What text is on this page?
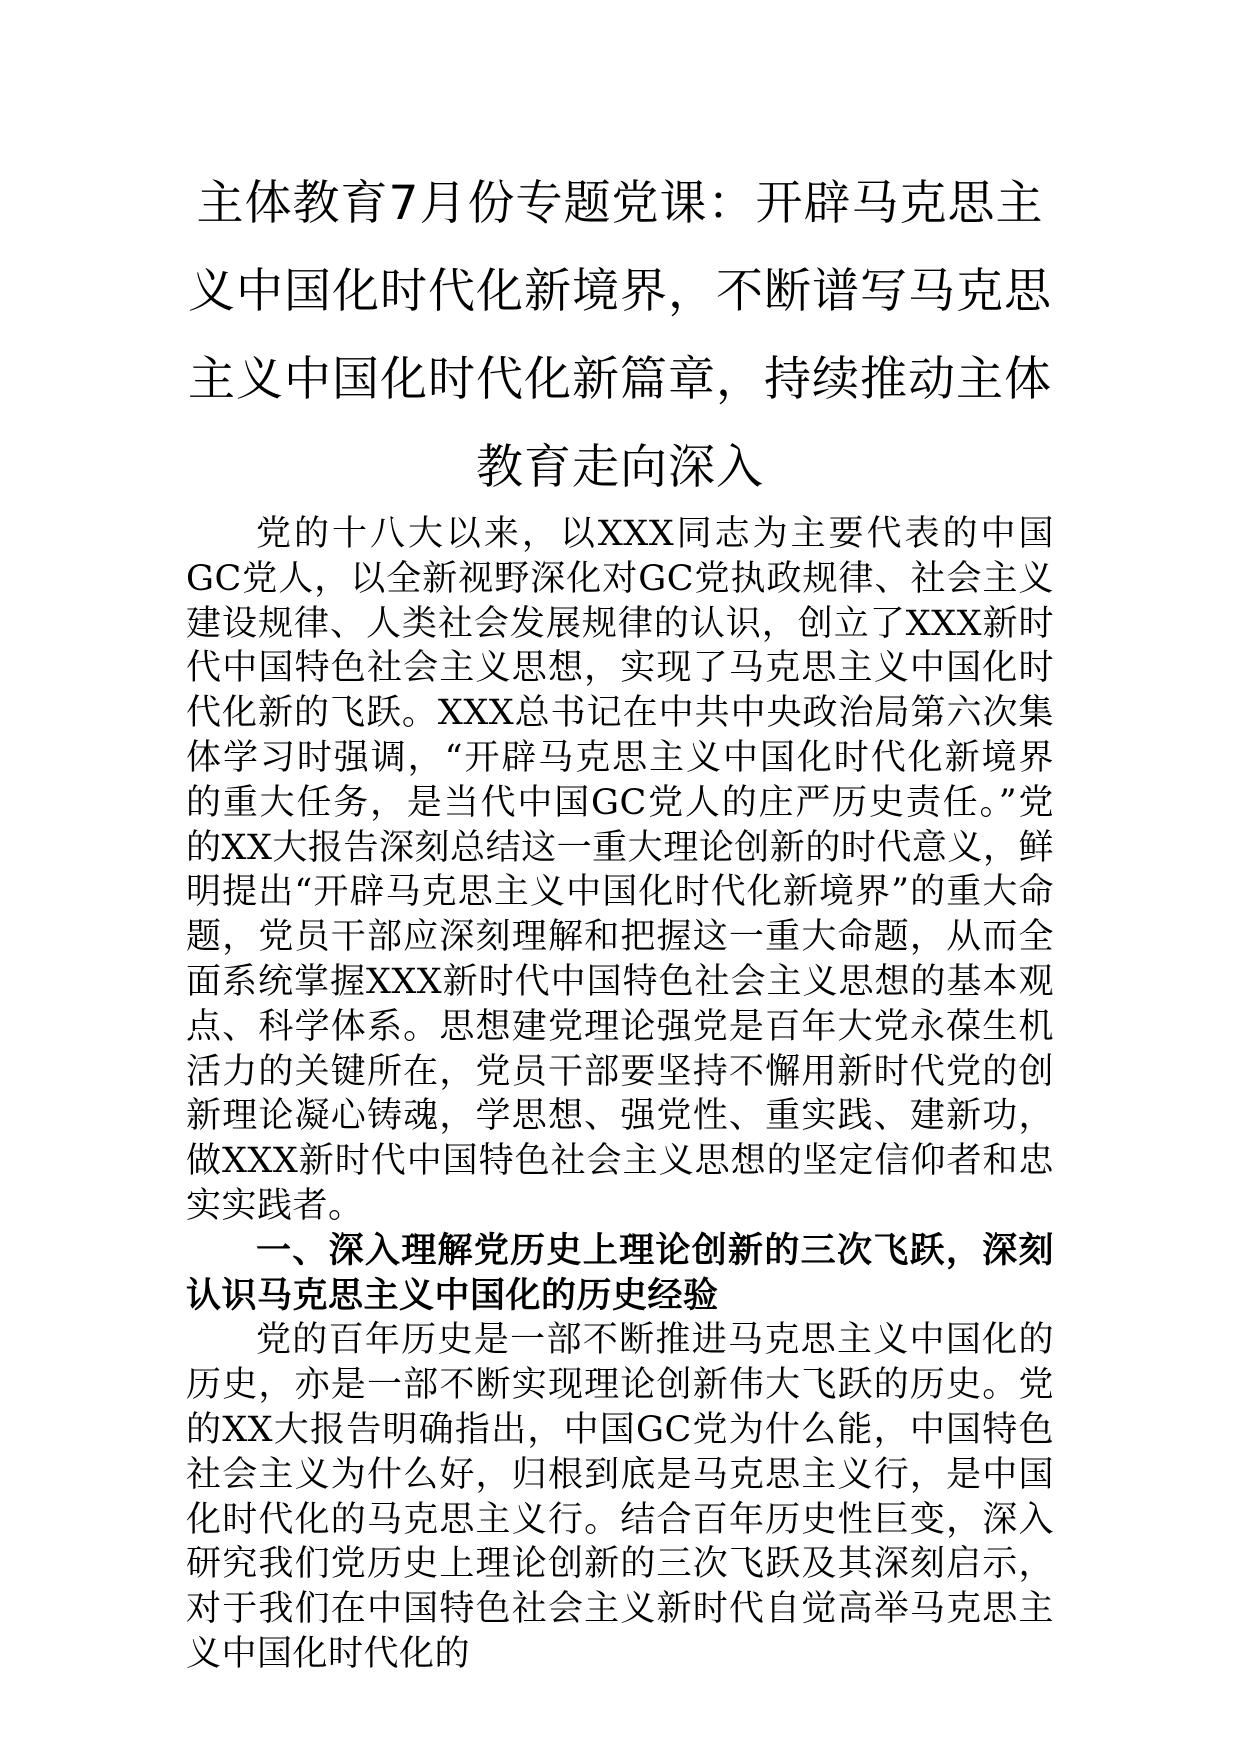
主体教育7月份专题党课：开辟马克思主义中国化时代化新境界，不断谱写马克思主义中国化时代化新篇章，持续推动主体教育走向深入

党的十八大以来，以XXX同志为主要代表的中国GC党人，以全新视野深化对GC党执政规律、社会主义建设规律、人类社会发展规律的认识，创立了XXX新时代中国特色社会主义思想，实现了马克思主义中国化时代化新的飞跃。XXX总书记在中共中央政治局第六次集体学习时强调，“开辟马克思主义中国化时代化新境界的重大任务，是当代中国GC党人的庄严历史责任。”党的XX大报告深刻总结这一重大理论创新的时代意义，鲜明提出“开辟马克思主义中国化时代化新境界”的重大命题，党员干部应深刻理解和把握这一重大命题，从而全面系统掌握XXX新时代中国特色社会主义思想的基本观点、科学体系。思想建党理论强党是百年大党永葆生机活力的关键所在，党员干部要坚持不懈用新时代党的创新理论凝心铸魂，学思想、强党性、重实践、建新功，做XXX新时代中国特色社会主义思想的坚定信仰者和忠实实践者。

一、深入理解党历史上理论创新的三次飞跃，深刻认识马克思主义中国化的历史经验

党的百年历史是一部不断推进马克思主义中国化的历史，亦是一部不断实现理论创新伟大飞跃的历史。党的XX大报告明确指出，中国GC党为什么能，中国特色社会主义为什么好，归根到底是马克思主义行，是中国化时代化的马克思主义行。结合百年历史性巨变，深入研究我们党历史上理论创新的三次飞跃及其深刻启示，对于我们在中国特色社会主义新时代自觉高举马克思主义中国化时代化的
